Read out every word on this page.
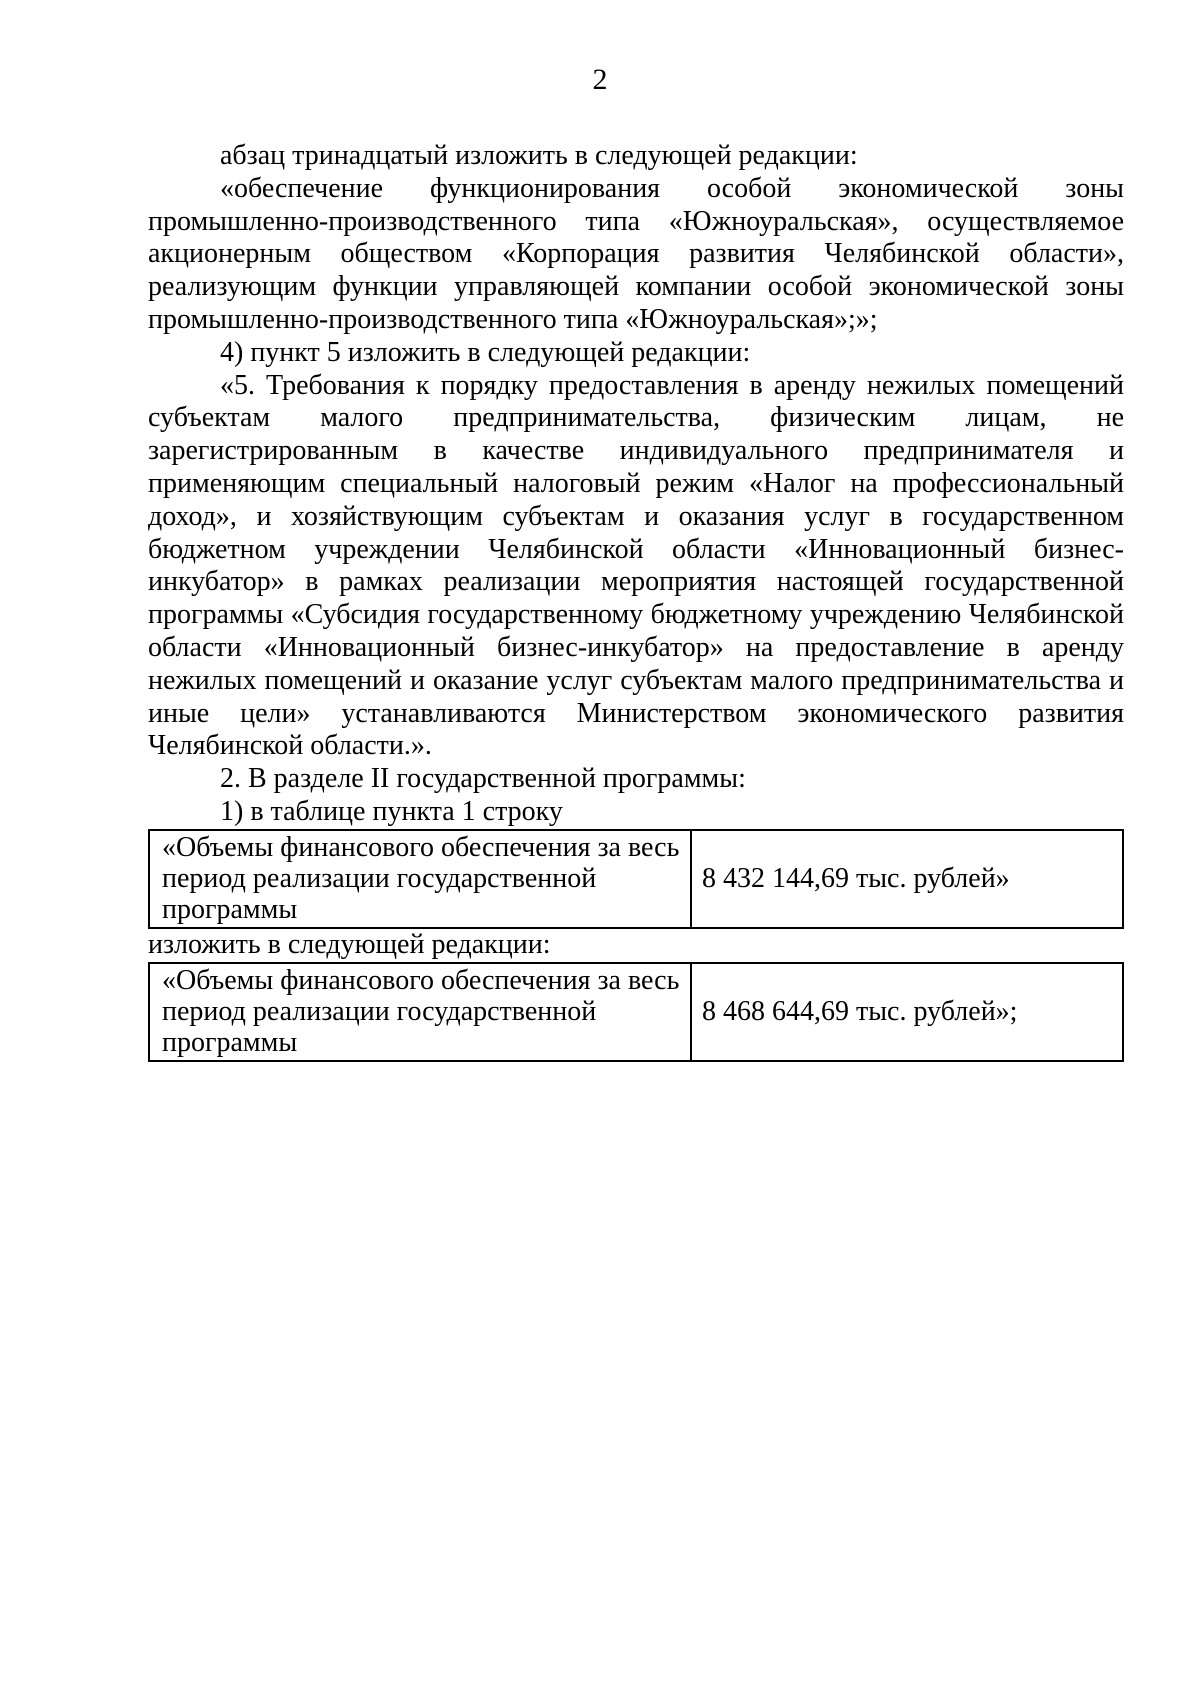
2

абзац тринадцатый изложить в следующей редакции:

«обеспечение функционирования особой экономической зоны промышленно-производственного типа «Южноуральская», осуществляемое акционерным обществом «Корпорация развития Челябинской области», реализующим функции управляющей компании особой экономической зоны промышленно-производственного типа «Южноуральская»;»;

4) пункт 5 изложить в следующей редакции:

«5. Требования к порядку предоставления в аренду нежилых помещений субъектам малого предпринимательства, физическим лицам, не зарегистрированным в качестве индивидуального предпринимателя и применяющим специальный налоговый режим «Налог на профессиональный доход», и хозяйствующим субъектам и оказания услуг в государственном бюджетном учреждении Челябинской области «Инновационный бизнес-инкубатор» в рамках реализации мероприятия настоящей государственной программы «Субсидия государственному бюджетному учреждению Челябинской области «Инновационный бизнес-инкубатор» на предоставление в аренду нежилых помещений и оказание услуг субъектам малого предпринимательства и иные цели» устанавливаются Министерством экономического развития Челябинской области.».

2. В разделе II государственной программы:

1) в таблице пункта 1 строку

«Объемы финансового обеспечения за весь период реализации государственной программы	8 432 144,69 тыс. рублей»

изложить в следующей редакции:

«Объемы финансового обеспечения за весь период реализации государственной программы	8 468 644,69 тыс. рублей»;
